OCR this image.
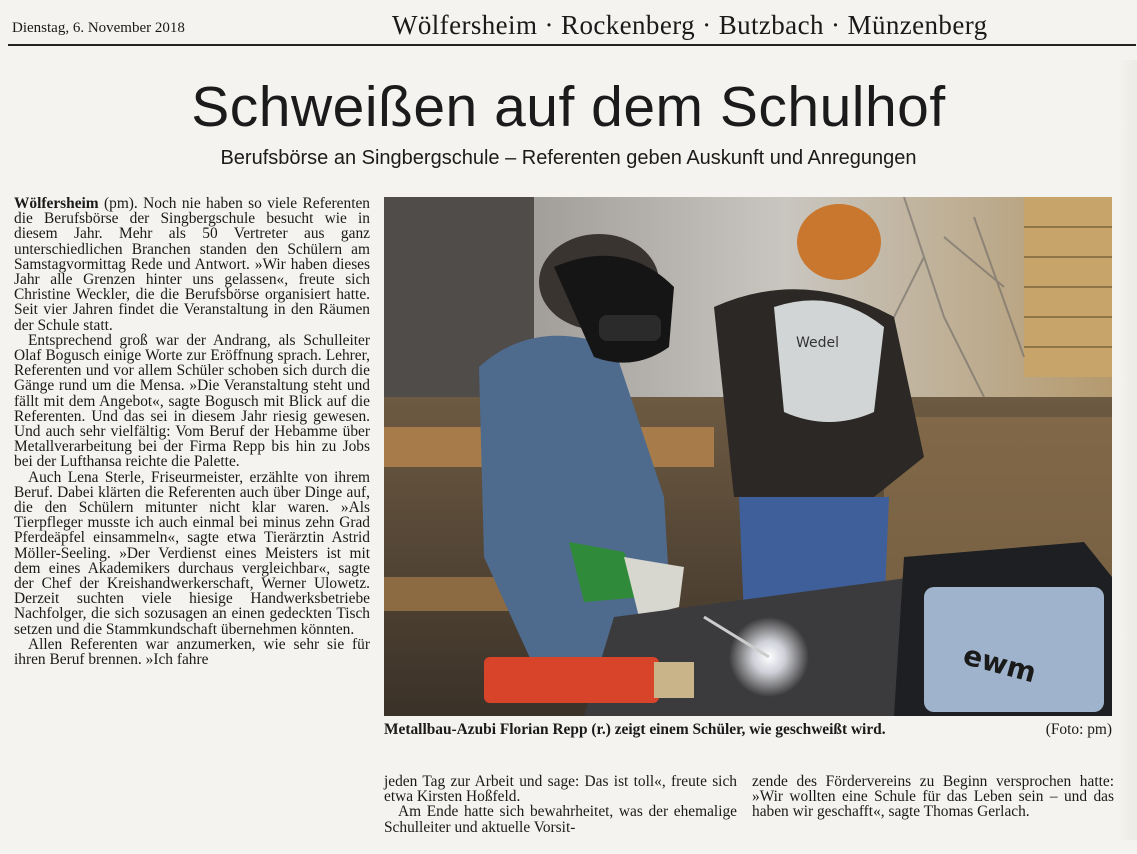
Dienstag, 6. November 2018	Wölfersheim · Rockenberg · Butzbach · Münzenberg
Schweißen auf dem Schulhof
Berufsbörse an Singbergschule – Referenten geben Auskunft und Anregungen

Wölfersheim (pm). Noch nie haben so viele Referenten die Berufsbörse der Singbergschule besucht wie in diesem Jahr. Mehr als 50 Vertreter aus ganz unterschiedlichen Branchen standen den Schülern am Samstagvormittag Rede und Antwort. »Wir haben dieses Jahr alle Grenzen hinter uns gelassen«, freute sich Christine Weckler, die die Berufsbörse organisiert hatte. Seit vier Jahren findet die Veranstaltung in den Räumen der Schule statt.

Entsprechend groß war der Andrang, als Schulleiter Olaf Bogusch einige Worte zur Eröffnung sprach. Lehrer, Referenten und vor allem Schüler schoben sich durch die Gänge rund um die Mensa. »Die Veranstaltung steht und fällt mit dem Angebot«, sagte Bogusch mit Blick auf die Referenten. Und das sei in diesem Jahr riesig gewesen. Und auch sehr vielfältig: Vom Beruf der Hebamme über Metallverarbeitung bei der Firma Repp bis hin zu Jobs bei der Lufthansa reichte die Palette.

Auch Lena Sterle, Friseurmeister, erzählte von ihrem Beruf. Dabei klärten die Referenten auch über Dinge auf, die den Schülern mitunter nicht klar waren. »Als Tierpfleger musste ich auch einmal bei minus zehn Grad Pferdeäpfel einsammeln«, sagte etwa Tierärztin Astrid Möller-Seeling. »Der Verdienst eines Meisters ist mit dem eines Akademikers durchaus vergleichbar«, sagte der Chef der Kreishandwerkerschaft, Werner Ulowetz. Derzeit suchten viele hiesige Handwerksbetriebe Nachfolger, die sich sozusagen an einen gedeckten Tisch setzen und die Stammkundschaft übernehmen könnten.

Allen Referenten war anzumerken, wie sehr sie für ihren Beruf brennen. »Ich fahre

Wedel
ewm
Metallbau-Azubi Florian Repp (r.) zeigt einem Schüler, wie geschweißt wird.	(Foto: pm)

jeden Tag zur Arbeit und sage: Das ist toll«, freute sich etwa Kirsten Hoßfeld.

Am Ende hatte sich bewahrheitet, was der ehemalige Schulleiter und aktuelle Vorsit-

zende des Fördervereins zu Beginn versprochen hatte: »Wir wollten eine Schule für das Leben sein – und das haben wir geschafft«, sagte Thomas Gerlach.
